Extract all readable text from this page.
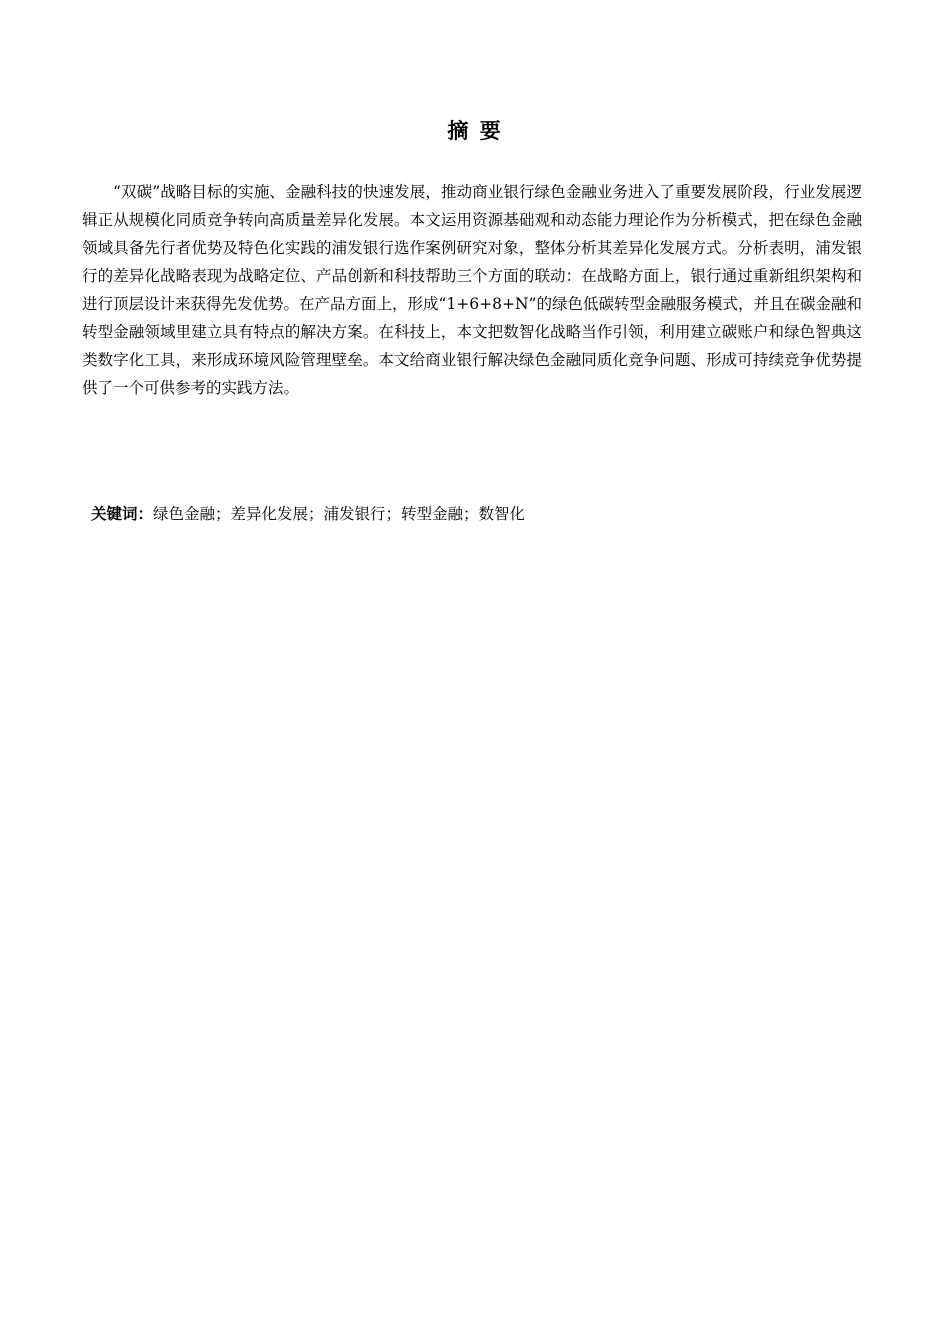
摘 要

“双碳”战略目标的实施、金融科技的快速发展，推动商业银行绿色金融业务进入了重要发展阶段，行业发展逻辑正从规模化同质竞争转向高质量差异化发展。本文运用资源基础观和动态能力理论作为分析模式，把在绿色金融领域具备先行者优势及特色化实践的浦发银行选作案例研究对象，整体分析其差异化发展方式。分析表明，浦发银行的差异化战略表现为战略定位、产品创新和科技帮助三个方面的联动：在战略方面上，银行通过重新组织架构和进行顶层设计来获得先发优势。在产品方面上，形成“1+6+8+N”的绿色低碳转型金融服务模式，并且在碳金融和转型金融领域里建立具有特点的解决方案。在科技上，本文把数智化战略当作引领，利用建立碳账户和绿色智典这类数字化工具，来形成环境风险管理壁垒。本文给商业银行解决绿色金融同质化竞争问题、形成可持续竞争优势提供了一个可供参考的实践方法。

关键词：绿色金融；差异化发展；浦发银行；转型金融；数智化
